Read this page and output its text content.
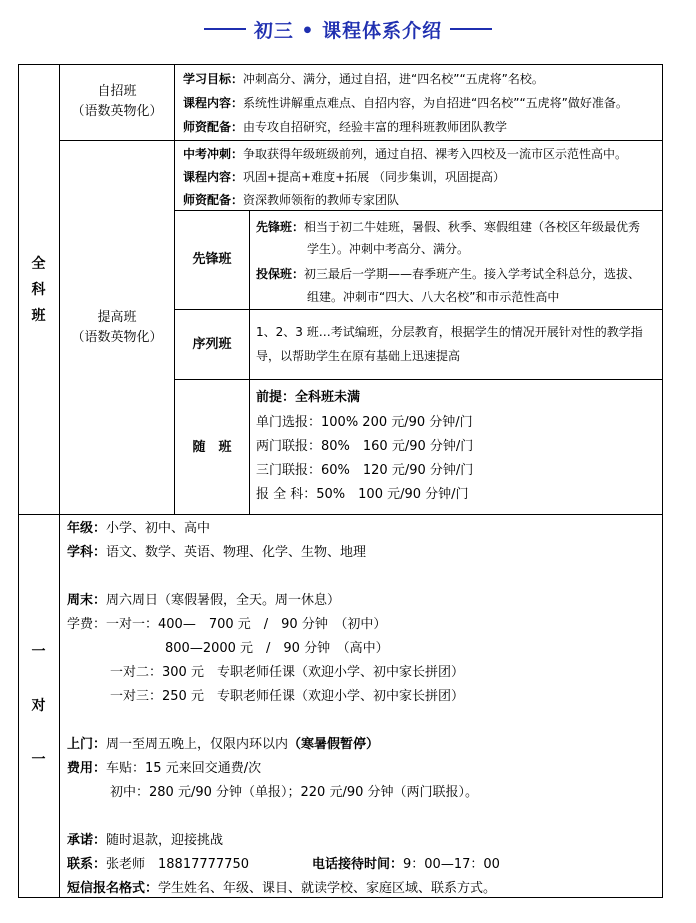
初三 • 课程体系介绍
全
科
班
自招班
（语数英物化）
学习目标：冲刺高分、满分，通过自招，进“四名校”“五虎将”名校。
课程内容：系统性讲解重点难点、自招内容，为自招进“四名校”“五虎将”做好准备。
师资配备：由专攻自招研究，经验丰富的理科班教师团队教学
提高班
（语数英物化）
中考冲刺：争取获得年级班级前列，通过自招、裸考入四校及一流市区示范性高中。
课程内容：巩固+提高+难度+拓展 （同步集训，巩固提高）
师资配备：资深教师领衔的教师专家团队
先锋班
先锋班：相当于初二牛娃班，暑假、秋季、寒假组建（各校区年级最优秀
学生）。冲刺中考高分、满分。
投保班：初三最后一学期——春季班产生。接入学考试全科总分，选拔、
组建。冲刺市“四大、八大名校”和市示范性高中
序列班
1、2、3 班…考试编班，分层教育，根据学生的情况开展针对性的教学指
导，以帮助学生在原有基础上迅速提高
随　班
前提：全科班未满
单门选报：100% 200 元/90 分钟/门
两门联报：80%　160 元/90 分钟/门
三门联报：60%　120 元/90 分钟/门
报 全 科：50%　100 元/90 分钟/门
一
对
一
年级：小学、初中、高中
学科：语文、数学、英语、物理、化学、生物、地理
周末：周六周日（寒假暑假，全天。周一休息）
学费：一对一：400—　700 元　/　90 分钟　（初中）
800—2000 元　/　90 分钟　（高中）
一对二：300 元　专职老师任课（欢迎小学、初中家长拼团）
一对三：250 元　专职老师任课（欢迎小学、初中家长拼团）
上门：周一至周五晚上，仅限内环以内（寒暑假暂停）
费用：车贴：15 元来回交通费/次
初中：280 元/90 分钟（单报）；220 元/90 分钟（两门联报）。
承诺：随时退款，迎接挑战
联系：张老师　18817777750	电话接待时间：9：00—17：00
短信报名格式：学生姓名、年级、课目、就读学校、家庭区域、联系方式。
